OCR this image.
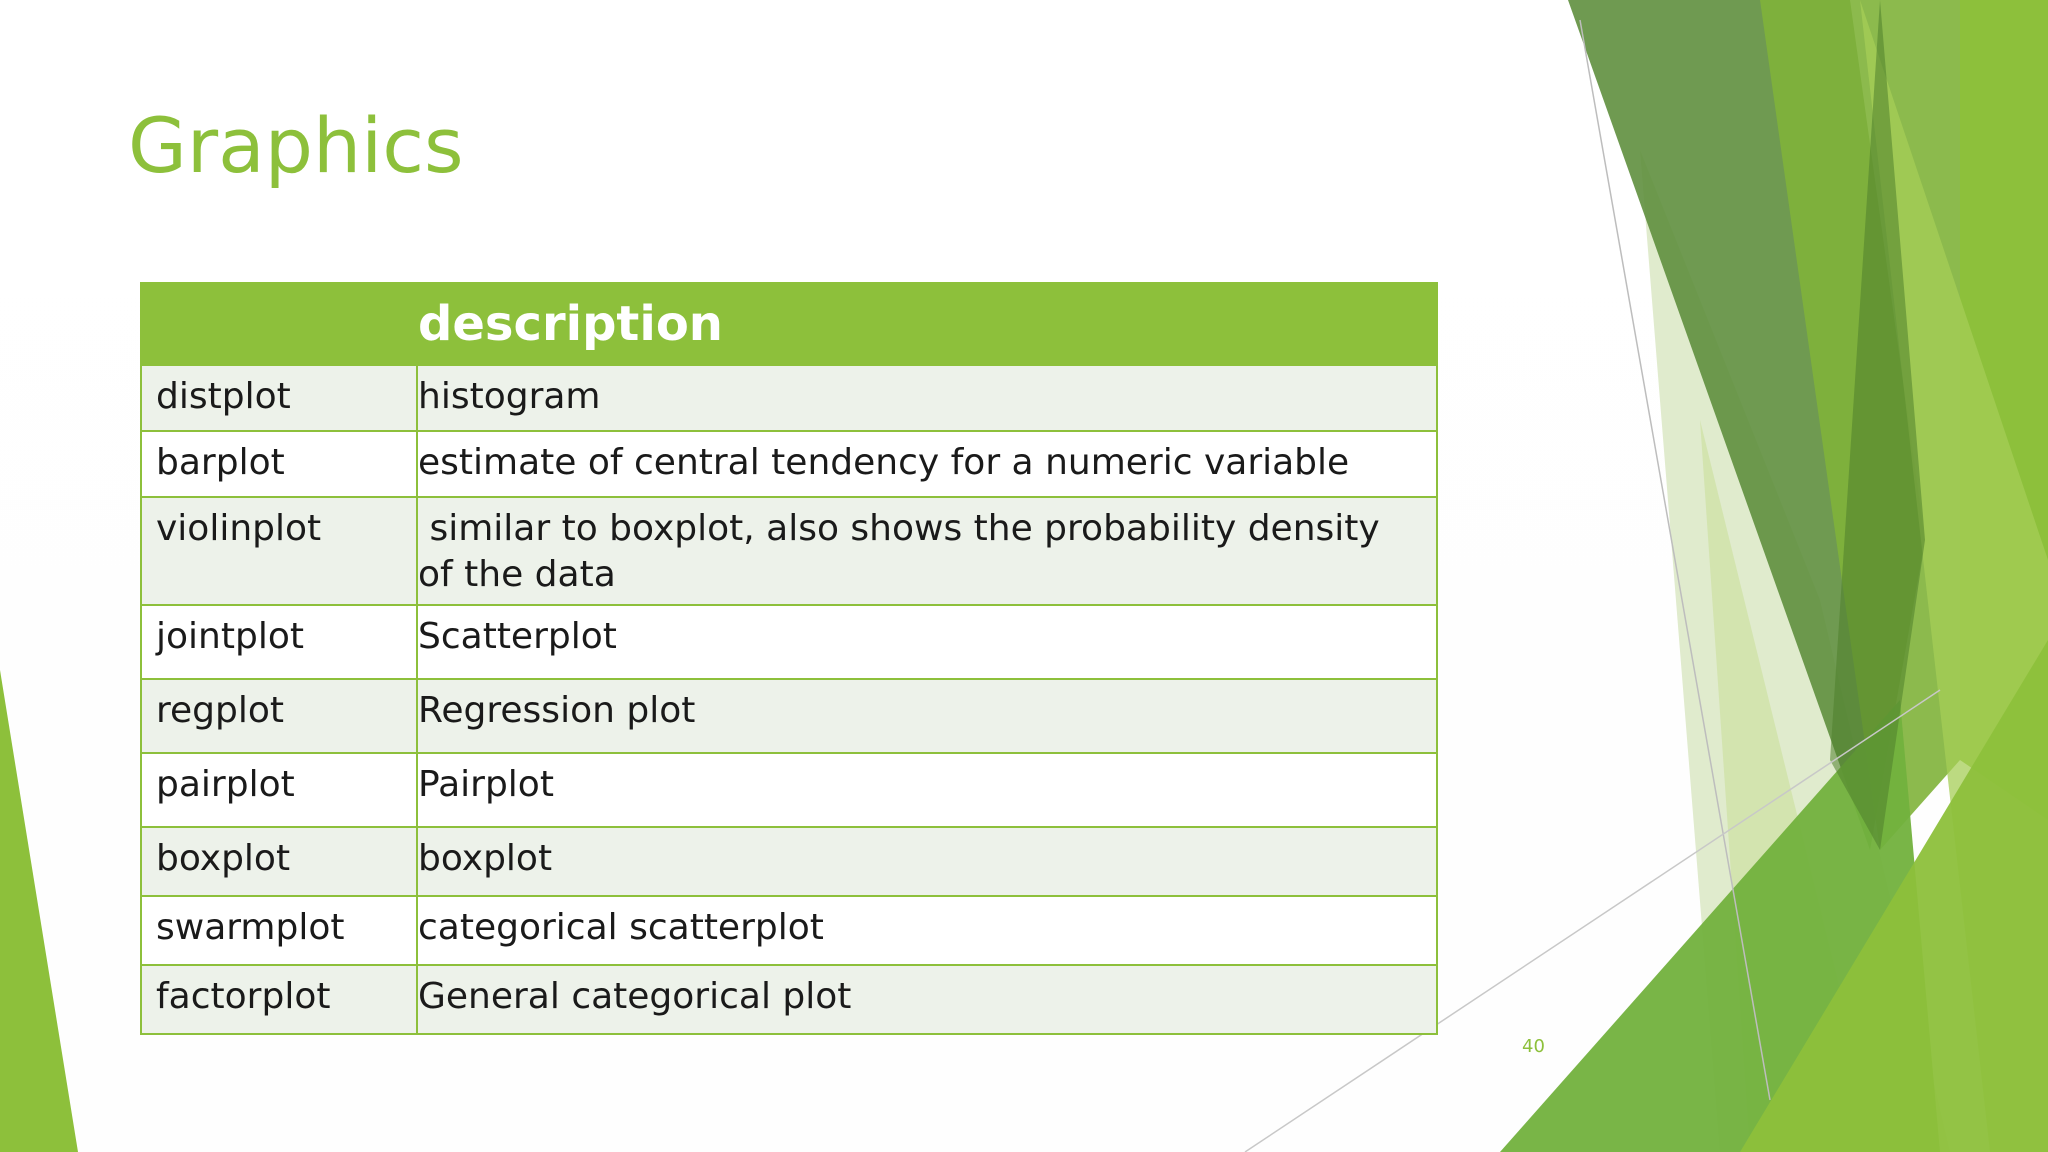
Graphics
	description
distplot	histogram
barplot	estimate of central tendency for a numeric variable
violinplot	similar to boxplot, also shows the probability density of the data
jointplot	Scatterplot
regplot	Regression plot
pairplot	Pairplot
boxplot	boxplot
swarmplot	categorical scatterplot
factorplot	General categorical plot
40
